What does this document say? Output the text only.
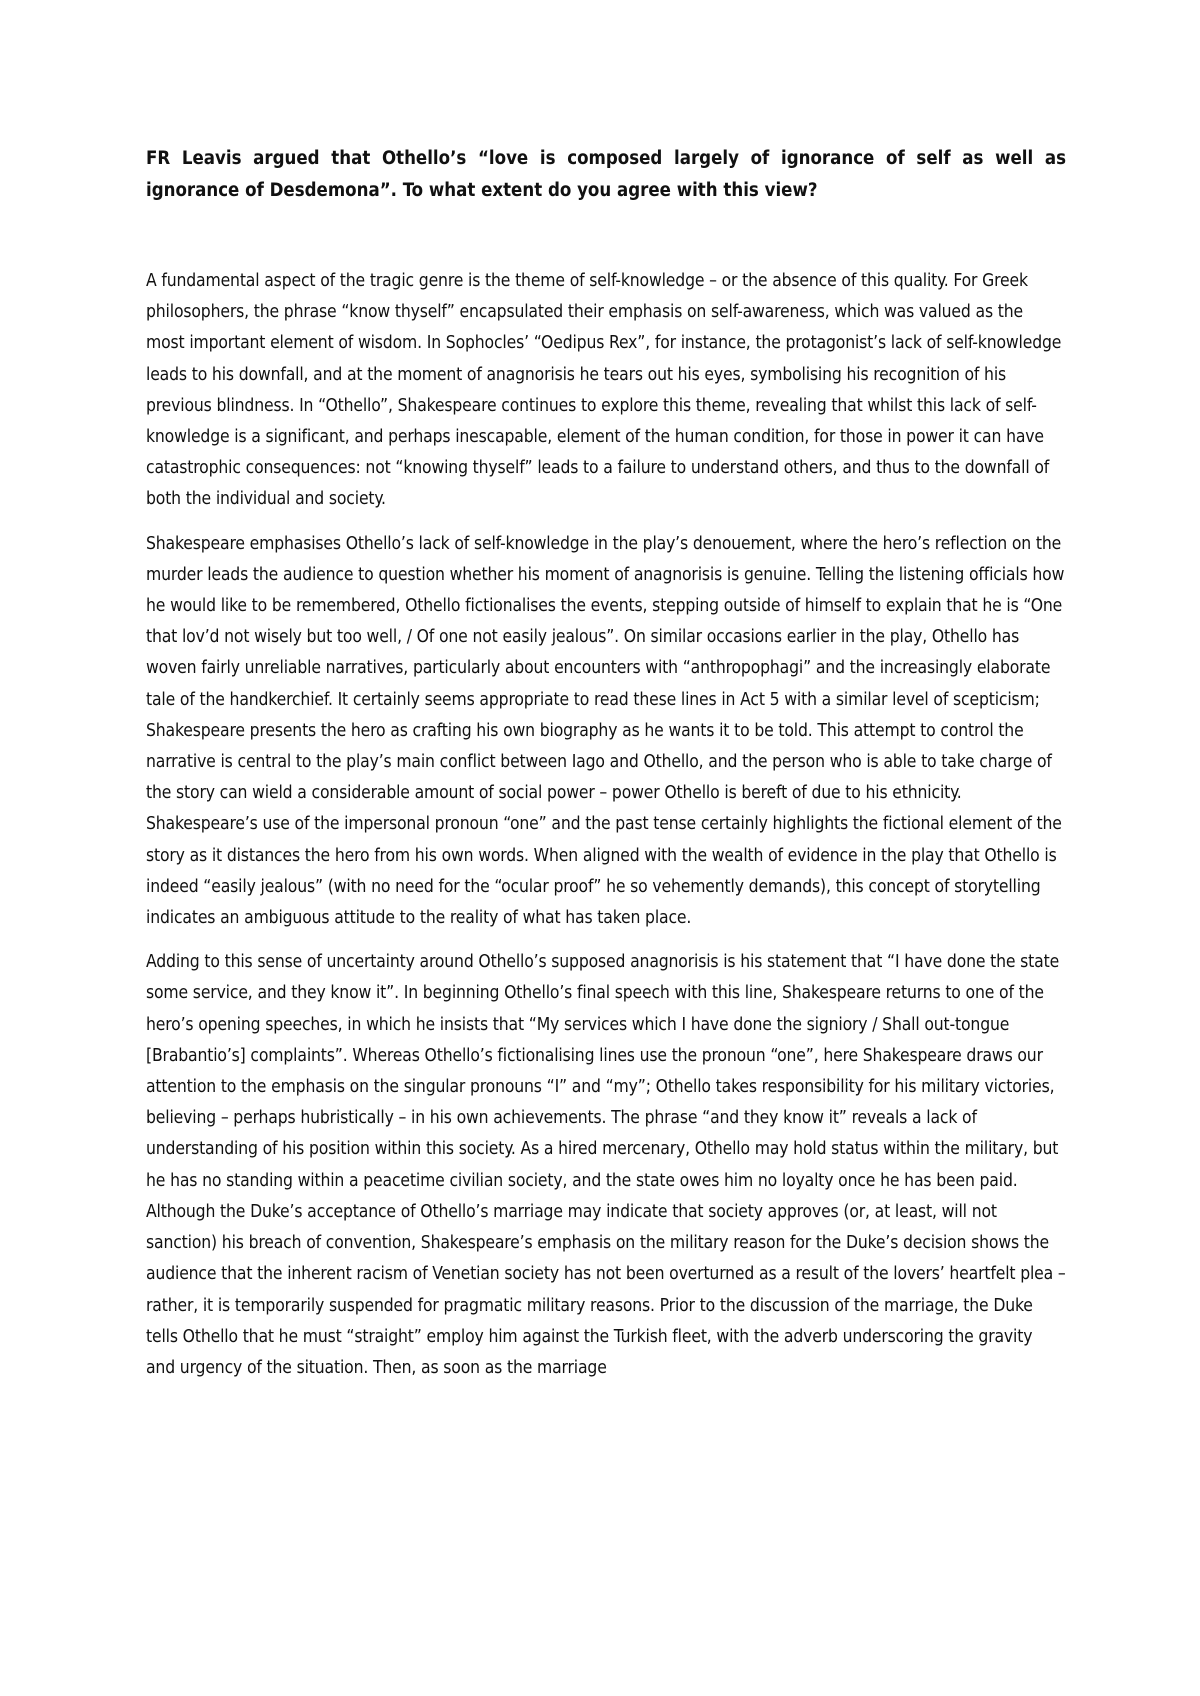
FR Leavis argued that Othello’s “love is composed largely of ignorance of self as well as ignorance of Desdemona”. To what extent do you agree with this view?

A fundamental aspect of the tragic genre is the theme of self-knowledge – or the absence of this quality. For Greek philosophers, the phrase “know thyself” encapsulated their emphasis on self-awareness, which was valued as the most important element of wisdom. In Sophocles’ “Oedipus Rex”, for instance, the protagonist’s lack of self-knowledge leads to his downfall, and at the moment of anagnorisis he tears out his eyes, symbolising his recognition of his previous blindness. In “Othello”, Shakespeare continues to explore this theme, revealing that whilst this lack of self-knowledge is a significant, and perhaps inescapable, element of the human condition, for those in power it can have catastrophic consequences: not “knowing thyself” leads to a failure to understand others, and thus to the downfall of both the individual and society.

Shakespeare emphasises Othello’s lack of self-knowledge in the play’s denouement, where the hero’s reflection on the murder leads the audience to question whether his moment of anagnorisis is genuine. Telling the listening officials how he would like to be remembered, Othello fictionalises the events, stepping outside of himself to explain that he is “One that lov’d not wisely but too well, / Of one not easily jealous”. On similar occasions earlier in the play, Othello has woven fairly unreliable narratives, particularly about encounters with “anthropophagi” and the increasingly elaborate tale of the handkerchief. It certainly seems appropriate to read these lines in Act 5 with a similar level of scepticism; Shakespeare presents the hero as crafting his own biography as he wants it to be told. This attempt to control the narrative is central to the play’s main conflict between Iago and Othello, and the person who is able to take charge of the story can wield a considerable amount of social power – power Othello is bereft of due to his ethnicity. Shakespeare’s use of the impersonal pronoun “one” and the past tense certainly highlights the fictional element of the story as it distances the hero from his own words. When aligned with the wealth of evidence in the play that Othello is indeed “easily jealous” (with no need for the “ocular proof” he so vehemently demands), this concept of storytelling indicates an ambiguous attitude to the reality of what has taken place.

Adding to this sense of uncertainty around Othello’s supposed anagnorisis is his statement that “I have done the state some service, and they know it”. In beginning Othello’s final speech with this line, Shakespeare returns to one of the hero’s opening speeches, in which he insists that “My services which I have done the signiory / Shall out-tongue [Brabantio’s] complaints”. Whereas Othello’s fictionalising lines use the pronoun “one”, here Shakespeare draws our attention to the emphasis on the singular pronouns “I” and “my”; Othello takes responsibility for his military victories, believing – perhaps hubristically – in his own achievements. The phrase “and they know it” reveals a lack of understanding of his position within this society. As a hired mercenary, Othello may hold status within the military, but he has no standing within a peacetime civilian society, and the state owes him no loyalty once he has been paid. Although the Duke’s acceptance of Othello’s marriage may indicate that society approves (or, at least, will not sanction) his breach of convention, Shakespeare’s emphasis on the military reason for the Duke’s decision shows the audience that the inherent racism of Venetian society has not been overturned as a result of the lovers’ heartfelt plea – rather, it is temporarily suspended for pragmatic military reasons. Prior to the discussion of the marriage, the Duke tells Othello that he must “straight” employ him against the Turkish fleet, with the adverb underscoring the gravity and urgency of the situation. Then, as soon as the marriage
